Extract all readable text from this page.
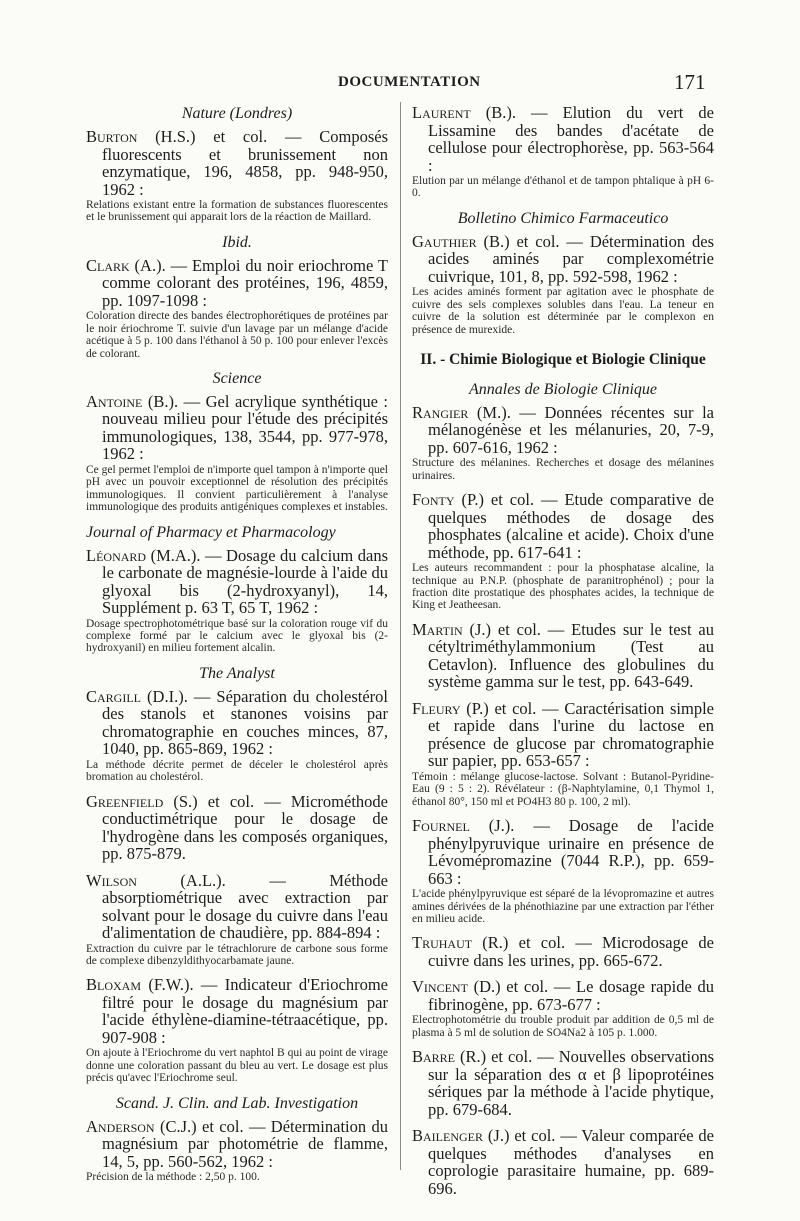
DOCUMENTATION	171
Nature (Londres)

Burton (H.S.) et col. — Composés fluorescents et brunissement non enzymatique, 196, 4858, pp. 948-950, 1962 :

Relations existant entre la formation de substances fluorescentes et le brunissement qui apparait lors de la réaction de Maillard.

Ibid.

Clark (A.). — Emploi du noir eriochrome T comme colorant des protéines, 196, 4859, pp. 1097-1098 :

Coloration directe des bandes électrophorétiques de protéines par le noir ériochrome T. suivie d'un lavage par un mélange d'acide acétique à 5 p. 100 dans l'éthanol à 50 p. 100 pour enlever l'excès de colorant.

Science

Antoine (B.). — Gel acrylique synthétique : nouveau milieu pour l'étude des précipités immunologiques, 138, 3544, pp. 977-978, 1962 :

Ce gel permet l'emploi de n'importe quel tampon à n'importe quel pH avec un pouvoir exceptionnel de résolution des précipités immunologiques. Il convient particulièrement à l'analyse immunologique des produits antigéniques complexes et instables.

Journal of Pharmacy et Pharmacology

Léonard (M.A.). — Dosage du calcium dans le carbonate de magnésie-lourde à l'aide du glyoxal bis (2-hydroxyanyl), 14, Supplément p. 63 T, 65 T, 1962 :

Dosage spectrophotométrique basé sur la coloration rouge vif du complexe formé par le calcium avec le glyoxal bis (2-hydroxyanil) en milieu fortement alcalin.

The Analyst

Cargill (D.I.). — Séparation du cholestérol des stanols et stanones voisins par chromatographie en couches minces, 87, 1040, pp. 865-869, 1962 :

La méthode décrite permet de déceler le cholestérol après bromation au cholestérol.

Greenfield (S.) et col. — Microméthode conductimétrique pour le dosage de l'hydrogène dans les composés organiques, pp. 875-879.

Wilson (A.L.). — Méthode absorptiométrique avec extraction par solvant pour le dosage du cuivre dans l'eau d'alimentation de chaudière, pp. 884-894 :

Extraction du cuivre par le tétrachlorure de carbone sous forme de complexe dibenzyldithyocarbamate jaune.

Bloxam (F.W.). — Indicateur d'Eriochrome filtré pour le dosage du magnésium par l'acide éthylène-diamine-tétraacétique, pp. 907-908 :

On ajoute à l'Eriochrome du vert naphtol B qui au point de virage donne une coloration passant du bleu au vert. Le dosage est plus précis qu'avec l'Eriochrome seul.

Scand. J. Clin. and Lab. Investigation

Anderson (C.J.) et col. — Détermination du magnésium par photométrie de flamme, 14, 5, pp. 560-562, 1962 :

Précision de la méthode : 2,50 p. 100.

Laurent (B.). — Elution du vert de Lissamine des bandes d'acétate de cellulose pour électrophorèse, pp. 563-564 :

Elution par un mélange d'éthanol et de tampon phtalique à pH 6-0.

Bolletino Chimico Farmaceutico

Gauthier (B.) et col. — Détermination des acides aminés par complexométrie cuivrique, 101, 8, pp. 592-598, 1962 :

Les acides aminés forment par agitation avec le phosphate de cuivre des sels complexes solubles dans l'eau. La teneur en cuivre de la solution est déterminée par le complexon en présence de murexide.

II. - Chimie Biologique et Biologie Clinique
Annales de Biologie Clinique

Rangier (M.). — Données récentes sur la mélanogénèse et les mélanuries, 20, 7-9, pp. 607-616, 1962 :

Structure des mélanines. Recherches et dosage des mélanines urinaires.

Fonty (P.) et col. — Etude comparative de quelques méthodes de dosage des phosphates (alcaline et acide). Choix d'une méthode, pp. 617-641 :

Les auteurs recommandent : pour la phosphatase alcaline, la technique au P.N.P. (phosphate de paranitrophénol) ; pour la fraction dite prostatique des phosphates acides, la technique de King et Jeatheesan.

Martin (J.) et col. — Etudes sur le test au cétyltriméthylammonium (Test au Cetavlon). Influence des globulines du système gamma sur le test, pp. 643-649.

Fleury (P.) et col. — Caractérisation simple et rapide dans l'urine du lactose en présence de glucose par chromatographie sur papier, pp. 653-657 :

Témoin : mélange glucose-lactose. Solvant : Butanol-Pyridine-Eau (9 : 5 : 2). Révélateur : (β-Naphtylamine, 0,1 Thymol 1, éthanol 80°, 150 ml et PO4H3 80 p. 100, 2 ml).

Fournel (J.). — Dosage de l'acide phénylpyruvique urinaire en présence de Lévomépromazine (7044 R.P.), pp. 659-663 :

L'acide phénylpyruvique est séparé de la lévopromazine et autres amines dérivées de la phénothiazine par une extraction par l'éther en milieu acide.

Truhaut (R.) et col. — Microdosage de cuivre dans les urines, pp. 665-672.

Vincent (D.) et col. — Le dosage rapide du fibrinogène, pp. 673-677 :

Electrophotométrie du trouble produit par addition de 0,5 ml de plasma à 5 ml de solution de SO4Na2 à 105 p. 1.000.

Barre (R.) et col. — Nouvelles observations sur la séparation des α et β lipoprotéines sériques par la méthode à l'acide phytique, pp. 679-684.

Bailenger (J.) et col. — Valeur comparée de quelques méthodes d'analyses en coprologie parasitaire humaine, pp. 689-696.
